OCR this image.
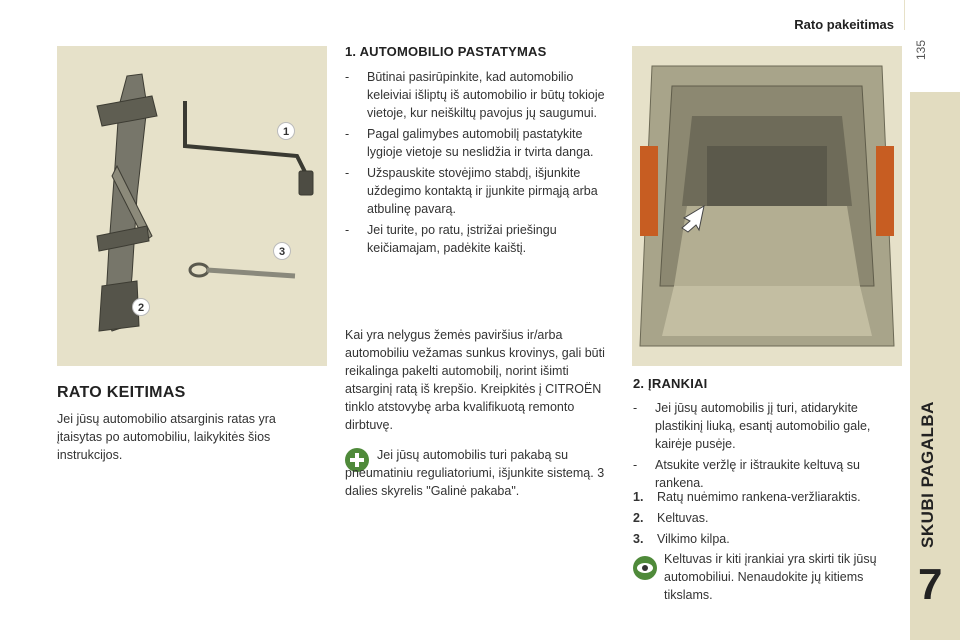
Rato pakeitimas
135
SKUBI PAGALBA
7
1
2
3
RATO KEITIMAS
Jei jūsų automobilio atsarginis ratas yra įtaisytas po automobiliu, laikykitės šios instrukcijos.
1. AUTOMOBILIO PASTATYMAS
- Būtinai pasirūpinkite, kad automobilio keleiviai išliptų iš automobilio ir būtų tokioje vietoje, kur neiškiltų pavojus jų saugumui.
- Pagal galimybes automobilį pastatykite lygioje vietoje su neslidžia ir tvirta danga.
- Užspauskite stovėjimo stabdį, išjunkite uždegimo kontaktą ir įjunkite pirmąją arba atbulinę pavarą.
- Jei turite, po ratu, įstrižai priešingu keičiamajam, padėkite kaištį.
Kai yra nelygus žemės paviršius ir/arba automobiliu vežamas sunkus krovinys, gali būti reikalinga pakelti automobilį, norint išimti atsarginį ratą iš krepšio. Kreipkitės į CITROËN tinklo atstovybę arba kvalifikuotą remonto dirbtuvę.
Jei jūsų automobilis turi pakabą su pneumatiniu reguliatoriumi, išjunkite sistemą. 3 dalies skyrelis "Galinė pakaba".
2. ĮRANKIAI
- Jei jūsų automobilis jį turi, atidarykite plastikinį liuką, esantį automobilio gale, kairėje pusėje.
- Atsukite veržlę ir ištraukite keltuvą su rankena.
1. Ratų nuėmimo rankena-veržliaraktis.
2. Keltuvas.
3. Vilkimo kilpa.
Keltuvas ir kiti įrankiai yra skirti tik jūsų automobiliui. Nenaudokite jų kitiems tikslams.
